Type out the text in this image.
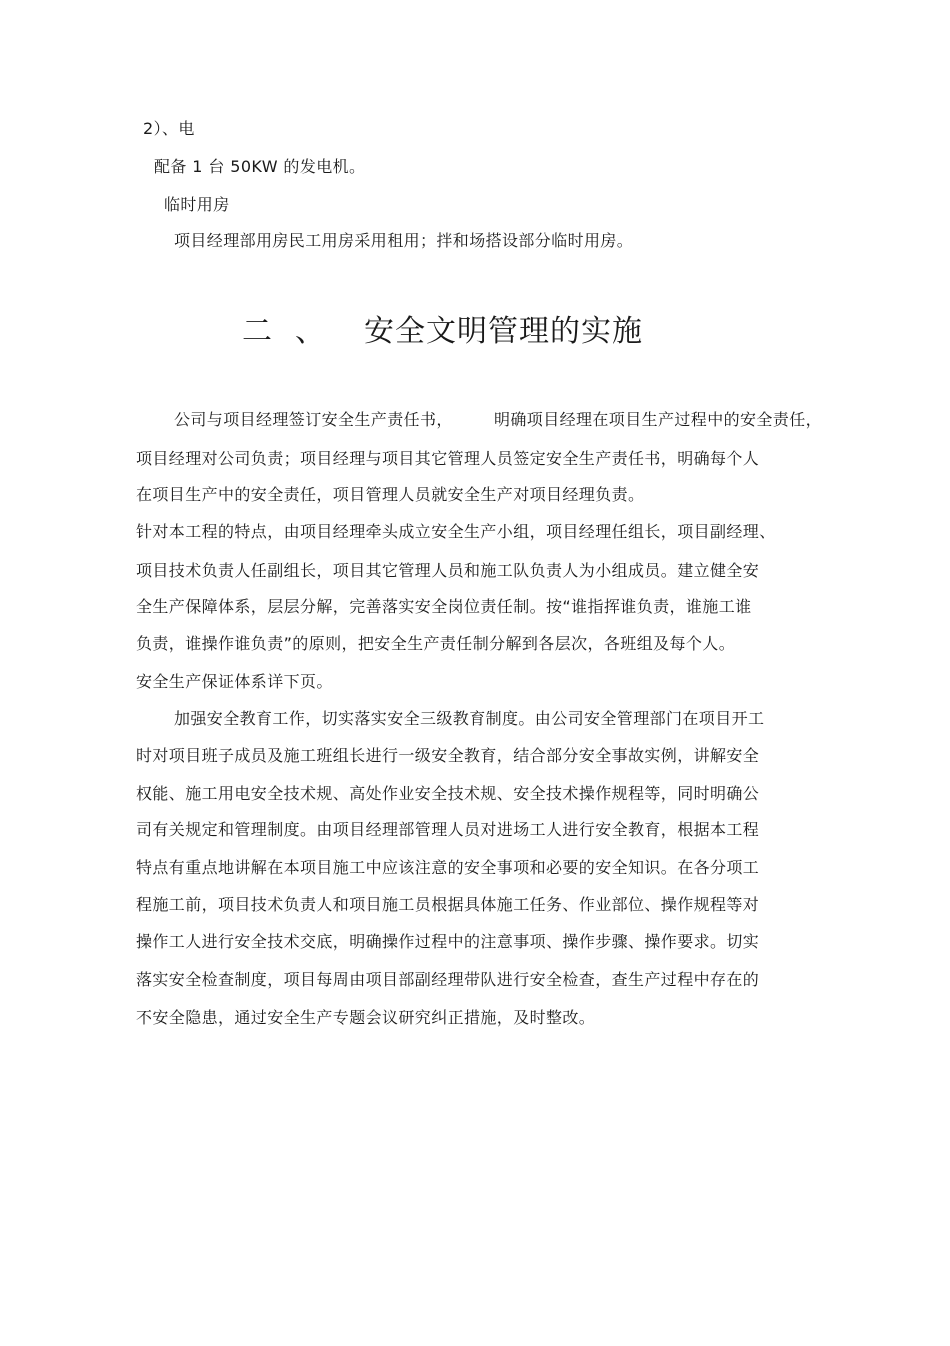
2）、电
配备 1 台 50KW 的发电机。
临时用房
项目经理部用房民工用房采用租用；拌和场搭设部分临时用房。
二 、 安全文明管理的实施
公司与项目经理签订安全生产责任书，	明确项目经理在项目生产过程中的安全责任，
项目经理对公司负责；项目经理与项目其它管理人员签定安全生产责任书，明确每个人
在项目生产中的安全责任，项目管理人员就安全生产对项目经理负责。
针对本工程的特点，由项目经理牵头成立安全生产小组，项目经理任组长，项目副经理、
项目技术负责人任副组长，项目其它管理人员和施工队负责人为小组成员。建立健全安
全生产保障体系，层层分解，完善落实安全岗位责任制。按“谁指挥谁负责，谁施工谁
负责，谁操作谁负责”的原则，把安全生产责任制分解到各层次，各班组及每个人。
安全生产保证体系详下页。
加强安全教育工作，切实落实安全三级教育制度。由公司安全管理部门在项目开工
时对项目班子成员及施工班组长进行一级安全教育，结合部分安全事故实例，讲解安全
权能、施工用电安全技术规、高处作业安全技术规、安全技术操作规程等，同时明确公
司有关规定和管理制度。由项目经理部管理人员对进场工人进行安全教育，根据本工程
特点有重点地讲解在本项目施工中应该注意的安全事项和必要的安全知识。在各分项工
程施工前，项目技术负责人和项目施工员根据具体施工任务、作业部位、操作规程等对
操作工人进行安全技术交底，明确操作过程中的注意事项、操作步骤、操作要求。切实
落实安全检查制度，项目每周由项目部副经理带队进行安全检查，查生产过程中存在的
不安全隐患，通过安全生产专题会议研究纠正措施，及时整改。
